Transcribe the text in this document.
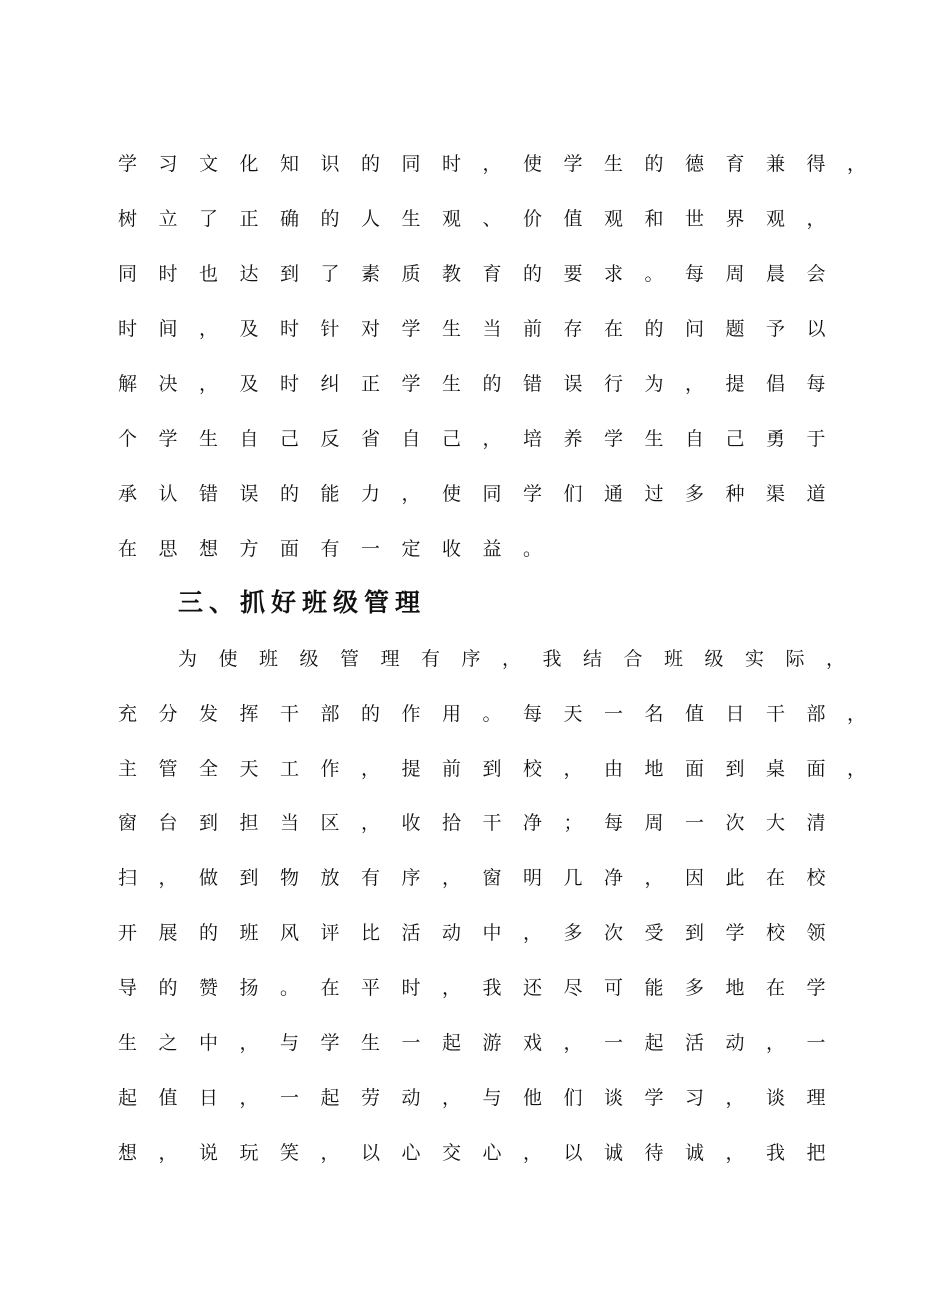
学	习	文	化	知	识	的	同	时	，	使	学	生	的	德	育	兼	得	，
树	立	了	正	确	的	人	生	观	、	价	值	观	和	世	界	观	，
同	时	也	达	到	了	素	质	教	育	的	要	求	。	每	周	晨	会
时	间	，	及	时	针	对	学	生	当	前	存	在	的	问	题	予	以
解	决	，	及	时	纠	正	学	生	的	错	误	行	为	，	提	倡	每
个	学	生	自	己	反	省	自	己	，	培	养	学	生	自	己	勇	于
承	认	错	误	的	能	力	，	使	同	学	们	通	过	多	种	渠	道
在	思	想	方	面	有	一	定	收	益	。
三 、 抓 好 班 级 管 理
为	使	班	级	管	理	有	序	，	我	结	合	班	级	实	际	，
充	分	发	挥	干	部	的	作	用	。	每	天	一	名	值	日	干	部	，
主	管	全	天	工	作	，	提	前	到	校	，	由	地	面	到	桌	面	，
窗	台	到	担	当	区	，	收	拾	干	净	；	每	周	一	次	大	清
扫	，	做	到	物	放	有	序	，	窗	明	几	净	，	因	此	在	校
开	展	的	班	风	评	比	活	动	中	，	多	次	受	到	学	校	领
导	的	赞	扬	。	在	平	时	，	我	还	尽	可	能	多	地	在	学
生	之	中	，	与	学	生	一	起	游	戏	，	一	起	活	动	，	一
起	值	日	，	一	起	劳	动	，	与	他	们	谈	学	习	，	谈	理
想	，	说	玩	笑	，	以	心	交	心	，	以	诚	待	诚	，	我	把
